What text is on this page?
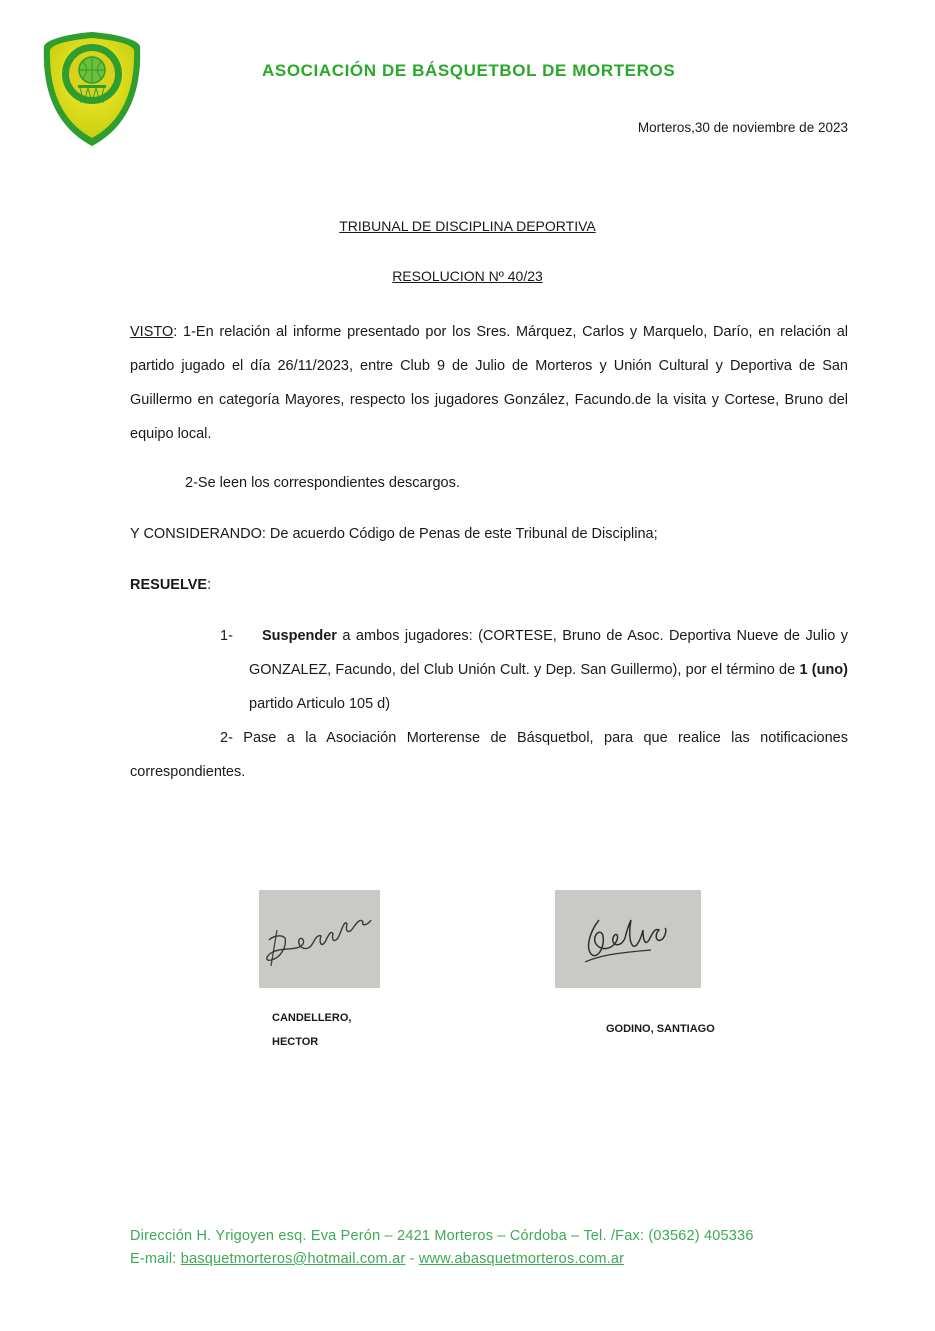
ASOCIACIÓN DE BÁSQUETBOL DE MORTEROS
Morteros,30 de noviembre de 2023
TRIBUNAL DE DISCIPLINA DEPORTIVA
RESOLUCION Nº 40/23
VISTO: 1-En relación al informe presentado por los Sres. Márquez, Carlos y Marquelo, Darío, en relación al partido jugado el día 26/11/2023, entre Club 9 de Julio de Morteros y Unión Cultural y Deportiva de San Guillermo en categoría Mayores, respecto los jugadores González, Facundo.de la visita y Cortese, Bruno del equipo local.
2-Se leen los correspondientes descargos.
Y CONSIDERANDO: De acuerdo Código de Penas de este Tribunal de Disciplina;
RESUELVE:
1-	Suspender a ambos jugadores: (CORTESE, Bruno de Asoc. Deportiva Nueve de Julio y GONZALEZ, Facundo, del Club Unión Cult. y Dep. San Guillermo), por el término de 1 (uno) partido Articulo 105 d)
2- Pase a la Asociación Morterense de Básquetbol, para que realice las notificaciones correspondientes.
CANDELLERO,
HECTOR
GODINO, SANTIAGO
Dirección H. Yrigoyen esq. Eva Perón – 2421 Morteros – Córdoba – Tel. /Fax: (03562) 405336
E-mail: basquetmorteros@hotmail.com.ar - www.abasquetmorteros.com.ar
